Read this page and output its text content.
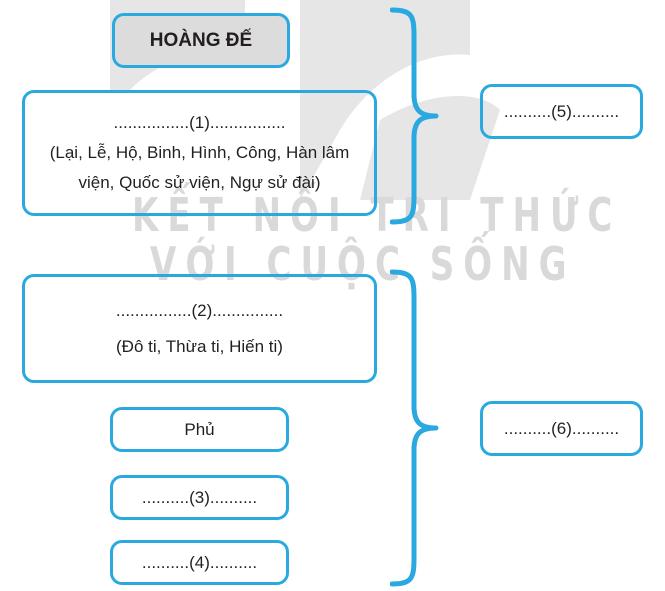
KẾT NỐI TRI THỨC
VỚI CUỘC SỐNG
HOÀNG ĐẾ
................(1)................
(Lại, Lễ, Hộ, Binh, Hình, Công, Hàn lâm viện, Quốc sử viện, Ngự sử đài)
................(2)...............
(Đô ti, Thừa ti, Hiến ti)
Phủ
..........(3)..........
..........(4)..........
..........(5)..........
..........(6)..........
